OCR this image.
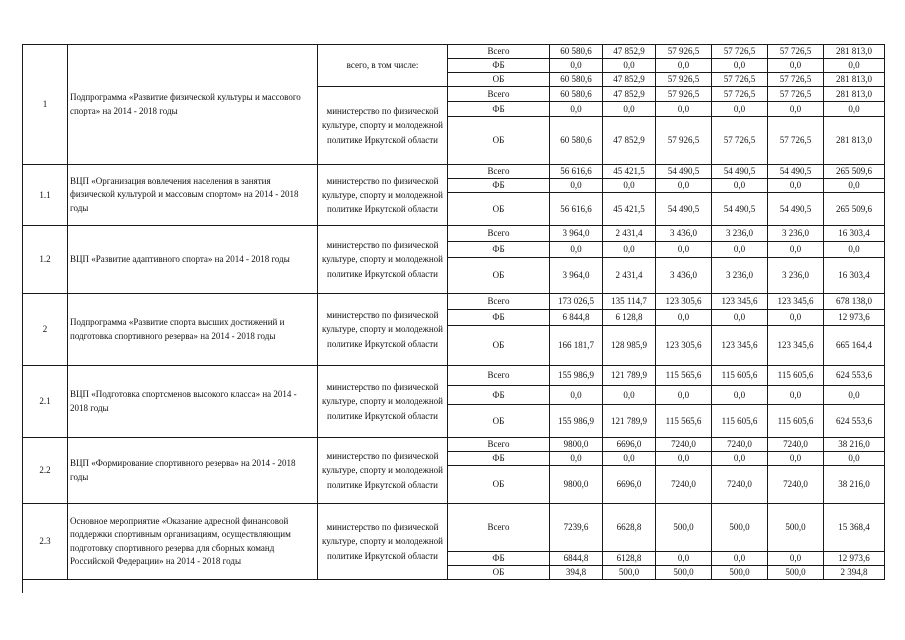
1	Подпрограмма «Развитие физической культуры и массового спорта» на 2014 - 2018 годы	всего, в том числе:	Всего	60 580,6	47 852,9	57 926,5	57 726,5	57 726,5	281 813,0
			ФБ	0,0	0,0	0,0	0,0	0,0	0,0
			ОБ	60 580,6	47 852,9	57 926,5	57 726,5	57 726,5	281 813,0
		министерство по физической культуре, спорту и молодежной политике Иркутской области	Всего	60 580,6	47 852,9	57 926,5	57 726,5	57 726,5	281 813,0
			ФБ	0,0	0,0	0,0	0,0	0,0	0,0
			ОБ	60 580,6	47 852,9	57 926,5	57 726,5	57 726,5	281 813,0
1.1	ВЦП «Организация вовлечения населения в занятия физической культурой и массовым спортом» на 2014 - 2018 годы	министерство по физической культуре, спорту и молодежной политике Иркутской области	Всего	56 616,6	45 421,5	54 490,5	54 490,5	54 490,5	265 509,6
			ФБ	0,0	0,0	0,0	0,0	0,0	0,0
			ОБ	56 616,6	45 421,5	54 490,5	54 490,5	54 490,5	265 509,6
1.2	ВЦП «Развитие адаптивного спорта» на 2014 - 2018 годы	министерство по физической культуре, спорту и молодежной политике Иркутской области	Всего	3 964,0	2 431,4	3 436,0	3 236,0	3 236,0	16 303,4
			ФБ	0,0	0,0	0,0	0,0	0,0	0,0
			ОБ	3 964,0	2 431,4	3 436,0	3 236,0	3 236,0	16 303,4
2	Подпрограмма «Развитие спорта высших достижений и подготовка спортивного резерва» на 2014 - 2018 годы	министерство по физической культуре, спорту и молодежной политике Иркутской области	Всего	173 026,5	135 114,7	123 305,6	123 345,6	123 345,6	678 138,0
			ФБ	6 844,8	6 128,8	0,0	0,0	0,0	12 973,6
			ОБ	166 181,7	128 985,9	123 305,6	123 345,6	123 345,6	665 164,4
2.1	ВЦП «Подготовка спортсменов высокого класса» на 2014 - 2018 годы	министерство по физической культуре, спорту и молодежной политике Иркутской области	Всего	155 986,9	121 789,9	115 565,6	115 605,6	115 605,6	624 553,6
			ФБ	0,0	0,0	0,0	0,0	0,0	0,0
			ОБ	155 986,9	121 789,9	115 565,6	115 605,6	115 605,6	624 553,6
2.2	ВЦП «Формирование спортивного резерва» на 2014 - 2018 годы	министерство по физической культуре, спорту и молодежной политике Иркутской области	Всего	9800,0	6696,0	7240,0	7240,0	7240,0	38 216,0
			ФБ	0,0	0,0	0,0	0,0	0,0	0,0
			ОБ	9800,0	6696,0	7240,0	7240,0	7240,0	38 216,0
2.3	Основное мероприятие «Оказание адресной финансовой поддержки спортивным организациям, осуществляющим подготовку спортивного резерва для сборных команд Российской Федерации» на 2014 - 2018 годы	министерство по физической культуре, спорту и молодежной политике Иркутской области	Всего	7239,6	6628,8	500,0	500,0	500,0	15 368,4
			ФБ	6844,8	6128,8	0,0	0,0	0,0	12 973,6
			ОБ	394,8	500,0	500,0	500,0	500,0	2 394,8
